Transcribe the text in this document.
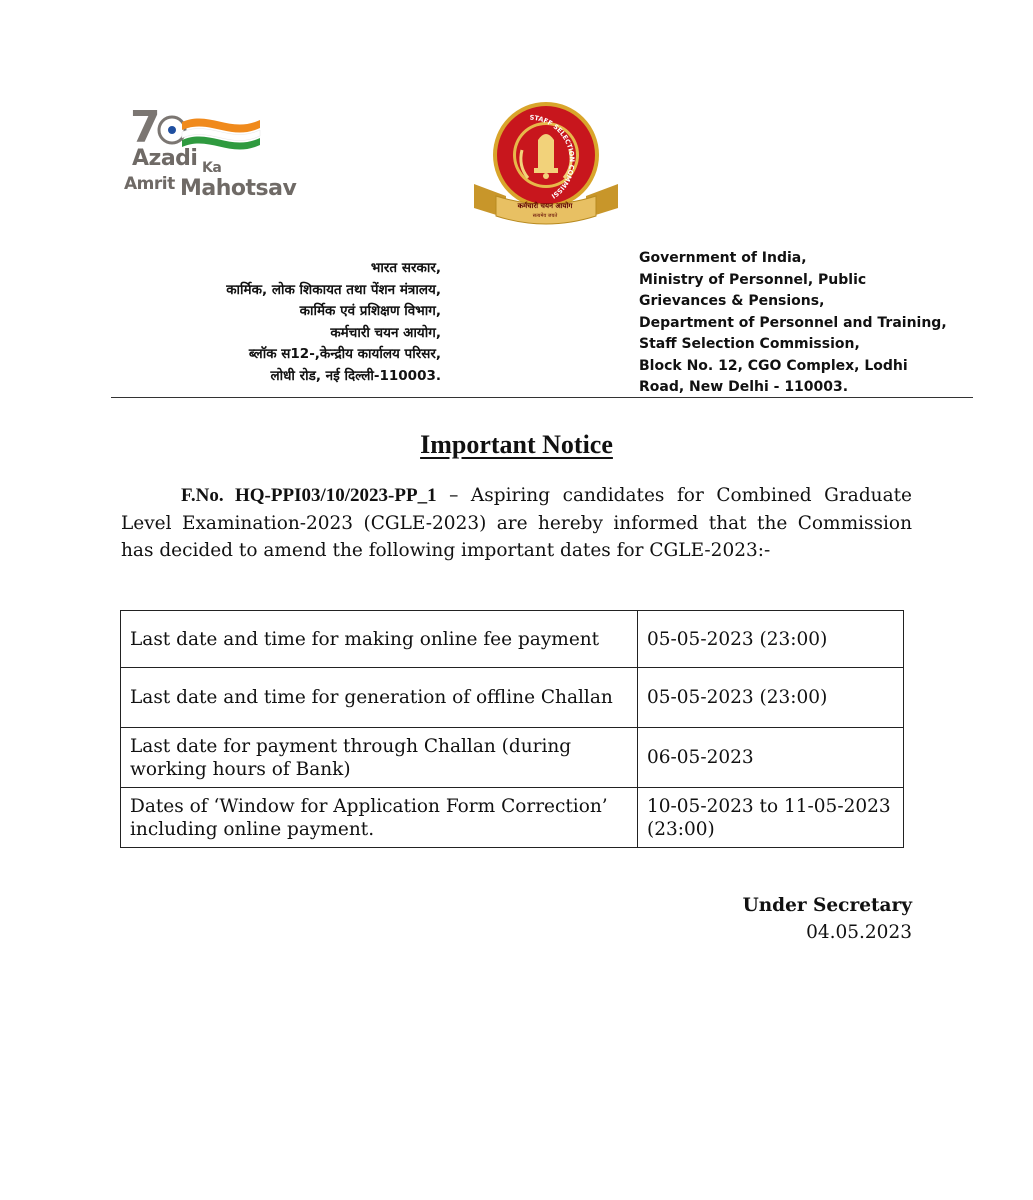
7
Azadi Ka
Amrit Mahotsav
STAFF SELECTION COMMISSION
कर्मचारी चयन आयोग
सत्यमेव जयते
भारत सरकार,
कार्मिक, लोक शिकायत तथा पेंशन मंत्रालय,
कार्मिक एवं प्रशिक्षण विभाग,
कर्मचारी चयन आयोग,
ब्लॉक स12-,केन्द्रीय कार्यालय परिसर,
लोधी रोड, नई दिल्ली-110003.
Government of India,
Ministry of Personnel, Public
Grievances & Pensions,
Department of Personnel and Training,
Staff Selection Commission,
Block No. 12, CGO Complex, Lodhi
Road, New Delhi - 110003.
Important Notice
F.No. HQ-PPI03/10/2023-PP_1 – Aspiring candidates for Combined Graduate Level Examination-2023 (CGLE-2023) are hereby informed that the Commission has decided to amend the following important dates for CGLE-2023:-
Last date and time for making online fee payment	05-05-2023 (23:00)
Last date and time for generation of offline Challan	05-05-2023 (23:00)
Last date for payment through Challan (during working hours of Bank)	06-05-2023
Dates of ‘Window for Application Form Correction’ including online payment.	10-05-2023 to 11-05-2023 (23:00)
Under Secretary
04.05.2023
